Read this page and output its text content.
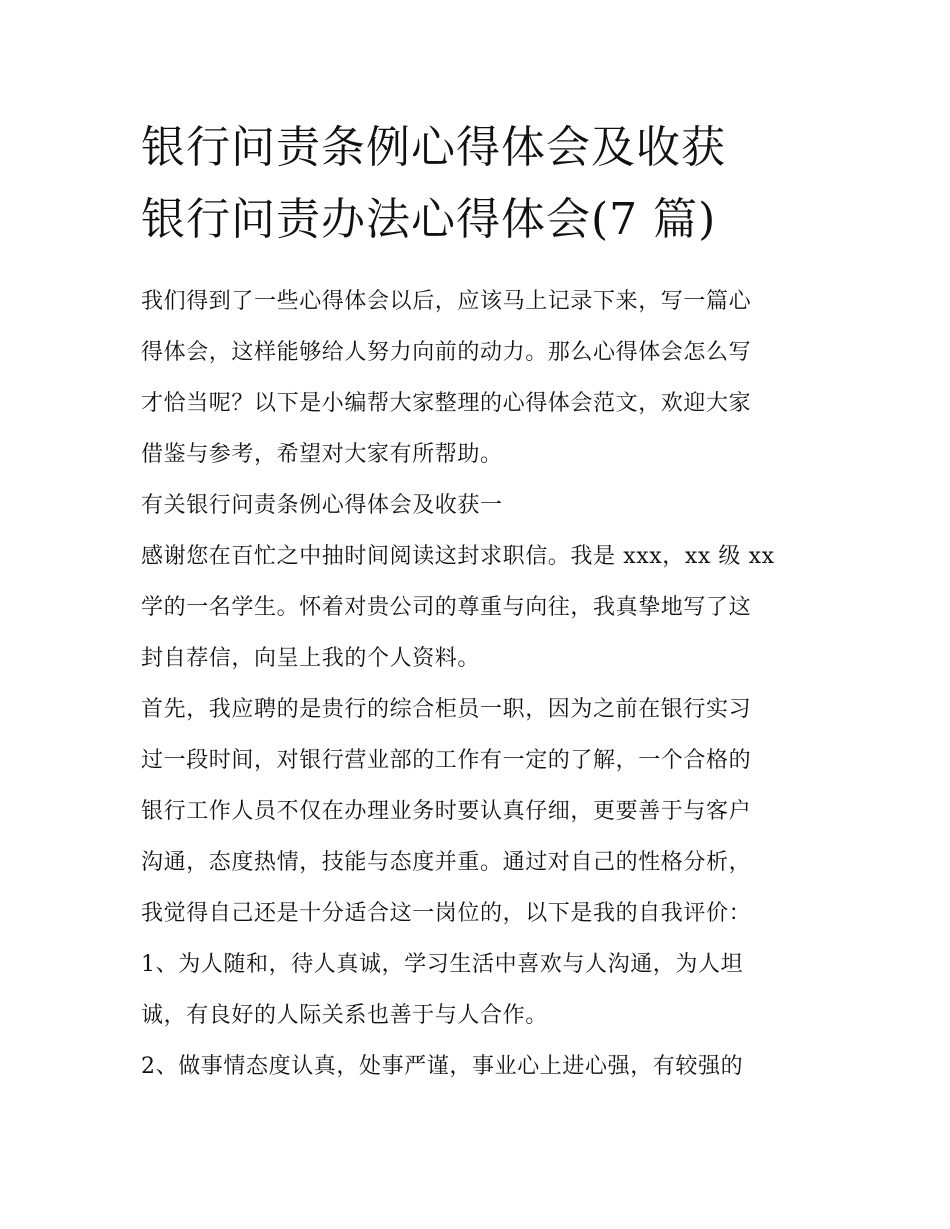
银行问责条例心得体会及收获
银行问责办法心得体会(7 篇)
我们得到了一些心得体会以后，应该马上记录下来，写一篇心
得体会，这样能够给人努力向前的动力。那么心得体会怎么写
才恰当呢？以下是小编帮大家整理的心得体会范文，欢迎大家
借鉴与参考，希望对大家有所帮助。
有关银行问责条例心得体会及收获一
感谢您在百忙之中抽时间阅读这封求职信。我是 xxx，xx 级 xx
学的一名学生。怀着对贵公司的尊重与向往，我真挚地写了这
封自荐信，向呈上我的个人资料。
首先，我应聘的是贵行的综合柜员一职，因为之前在银行实习
过一段时间，对银行营业部的工作有一定的了解，一个合格的
银行工作人员不仅在办理业务时要认真仔细，更要善于与客户
沟通，态度热情，技能与态度并重。通过对自己的性格分析，
我觉得自己还是十分适合这一岗位的，以下是我的自我评价：
1、为人随和，待人真诚，学习生活中喜欢与人沟通，为人坦
诚，有良好的人际关系也善于与人合作。
2、做事情态度认真，处事严谨，事业心上进心强，有较强的
